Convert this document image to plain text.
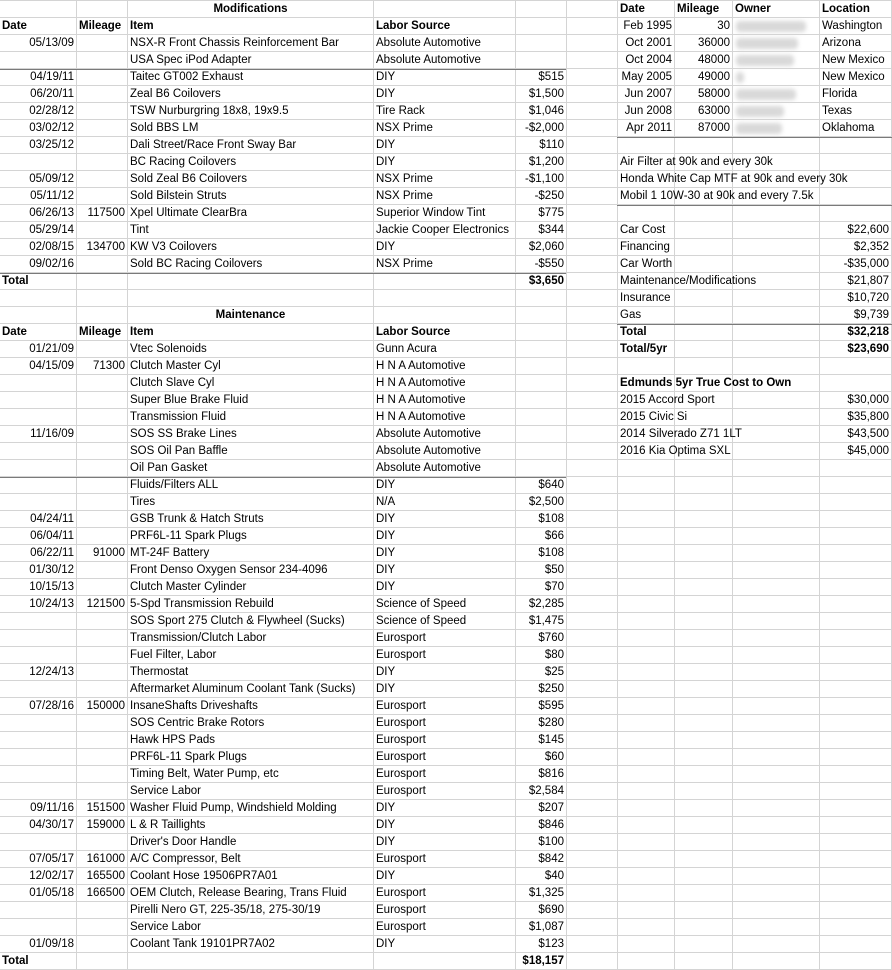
Modifications
Date	Mileage Item	Labor Source
05/13/09	NSX-R Front Chassis Reinforcement Bar	Absolute Automotive
USA Spec iPod Adapter	Absolute Automotive
04/19/11	Taitec GT002 Exhaust	DIY	$515
06/20/11	Zeal B6 Coilovers	DIY	$1,500
02/28/12	TSW Nurburgring 18x8, 19x9.5	Tire Rack	$1,046
03/02/12	Sold BBS LM	NSX Prime	-$2,000
03/25/12	Dali Street/Race Front Sway Bar	DIY	$110
BC Racing Coilovers	DIY	$1,200
05/09/12	Sold Zeal B6 Coilovers	NSX Prime	-$1,100
05/11/12	Sold Bilstein Struts	NSX Prime	-$250
06/26/13	117500 Xpel Ultimate ClearBra	Superior Window Tint	$775
05/29/14	Tint	Jackie Cooper Electronics	$344
02/08/15	134700 KW V3 Coilovers	DIY	$2,060
09/02/16	Sold BC Racing Coilovers	NSX Prime	-$550
Total	$3,650
Maintenance
Date	Mileage Item	Labor Source
01/21/09	Vtec Solenoids	Gunn Acura
04/15/09	71300 Clutch Master Cyl	H N A Automotive
Clutch Slave Cyl	H N A Automotive
Super Blue Brake Fluid	H N A Automotive
Transmission Fluid	H N A Automotive
11/16/09	SOS SS Brake Lines	Absolute Automotive
SOS Oil Pan Baffle	Absolute Automotive
Oil Pan Gasket	Absolute Automotive
Fluids/Filters ALL	DIY	$640
Tires	N/A	$2,500
04/24/11	GSB Trunk & Hatch Struts	DIY	$108
06/04/11	PRF6L-11 Spark Plugs	DIY	$66
06/22/11	91000 MT-24F Battery	DIY	$108
01/30/12	Front Denso Oxygen Sensor 234-4096	DIY	$50
10/15/13	Clutch Master Cylinder	DIY	$70
10/24/13	121500 5-Spd Transmission Rebuild	Science of Speed	$2,285
SOS Sport 275 Clutch & Flywheel (Sucks)	Science of Speed	$1,475
Transmission/Clutch Labor	Eurosport	$760
Fuel Filter, Labor	Eurosport	$80
12/24/13	Thermostat	DIY	$25
Aftermarket Aluminum Coolant Tank (Sucks)	DIY	$250
07/28/16	150000 InsaneShafts Driveshafts	Eurosport	$595
SOS Centric Brake Rotors	Eurosport	$280
Hawk HPS Pads	Eurosport	$145
PRF6L-11 Spark Plugs	Eurosport	$60
Timing Belt, Water Pump, etc	Eurosport	$816
Service Labor	Eurosport	$2,584
09/11/16	151500 Washer Fluid Pump, Windshield Molding	DIY	$207
04/30/17	159000 L & R Taillights	DIY	$846
Driver's Door Handle	DIY	$100
07/05/17	161000 A/C Compressor, Belt	Eurosport	$842
12/02/17	165500 Coolant Hose 19506PR7A01	DIY	$40
01/05/18	166500 OEM Clutch, Release Bearing, Trans Fluid	Eurosport	$1,325
Pirelli Nero GT, 225-35/18, 275-30/19	Eurosport	$690
Service Labor	Eurosport	$1,087
01/09/18	Coolant Tank 19101PR7A02	DIY	$123
Total	$18,157
Date	Mileage	Owner	Location
Feb 1995	30	Washington
Oct 2001	36000	Arizona
Oct 2004	48000	New Mexico
May 2005	49000	New Mexico
Jun 2007	58000	Florida
Jun 2008	63000	Texas
Apr 2011	87000	Oklahoma
Air Filter at 90k and every 30k
Honda White Cap MTF at 90k and every 30k
Mobil 1 10W-30 at 90k and every 7.5k
Car Cost	$22,600
Financing	$2,352
Car Worth	-$35,000
Maintenance/Modifications	$21,807
Insurance	$10,720
Gas	$9,739
Total	$32,218
Total/5yr	$23,690
Edmunds 5yr True Cost to Own
2015 Accord Sport	$30,000
2015 Civic Si	$35,800
2014 Silverado Z71 1LT	$43,500
2016 Kia Optima SXL	$45,000
